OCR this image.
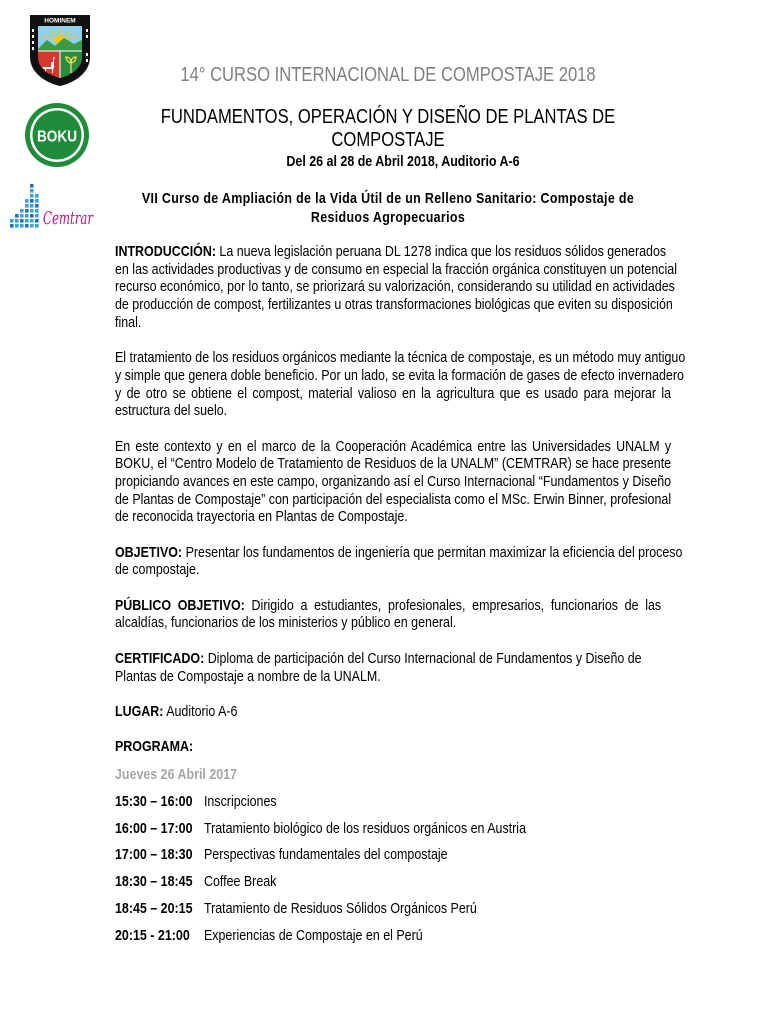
HOMINEM
BOKU
Cemtrar
14° CURSO INTERNACIONAL DE COMPOSTAJE 2018
FUNDAMENTOS, OPERACIÓN Y DISEÑO DE PLANTAS DE COMPOSTAJE
Del 26 al 28 de Abril 2018, Auditorio A-6
VII Curso de Ampliación de la Vida Útil de un Relleno Sanitario: Compostaje de Residuos Agropecuarios
INTRODUCCIÓN: La nueva legislación peruana DL 1278 indica que los residuos sólidos generados
en las actividades productivas y de consumo en especial la fracción orgánica constituyen un potencial
recurso económico, por lo tanto, se priorizará su valorización, considerando su utilidad en actividades
de producción de compost, fertilizantes u otras transformaciones biológicas que eviten su disposición
final.
El tratamiento de los residuos orgánicos mediante la técnica de compostaje, es un método muy antiguo
y simple que genera doble beneficio. Por un lado, se evita la formación de gases de efecto invernadero
y de otro se obtiene el compost, material valioso en la agricultura que es usado para mejorar la
estructura del suelo.
En este contexto y en el marco de la Cooperación Académica entre las Universidades UNALM y
BOKU, el “Centro Modelo de Tratamiento de Residuos de la UNALM” (CEMTRAR) se hace presente
propiciando avances en este campo, organizando así el Curso Internacional “Fundamentos y Diseño
de Plantas de Compostaje” con participación del especialista como el MSc. Erwin Binner, profesional
de reconocida trayectoria en Plantas de Compostaje.
OBJETIVO: Presentar los fundamentos de ingeniería que permitan maximizar la eficiencia del proceso
de compostaje.
PÚBLICO OBJETIVO: Dirigido a estudiantes, profesionales, empresarios, funcionarios de las
alcaldías, funcionarios de los ministerios y público en general.
CERTIFICADO: Diploma de participación del Curso Internacional de Fundamentos y Diseño de
Plantas de Compostaje a nombre de la UNALM.
LUGAR: Auditorio A-6
PROGRAMA:
Jueves 26 Abril 2017
15:30 – 16:00 Inscripciones
16:00 – 17:00 Tratamiento biológico de los residuos orgánicos en Austria
17:00 – 18:30 Perspectivas fundamentales del compostaje
18:30 – 18:45 Coffee Break
18:45 – 20:15 Tratamiento de Residuos Sólidos Orgánicos Perú
20:15 - 21:00 Experiencias de Compostaje en el Perú
